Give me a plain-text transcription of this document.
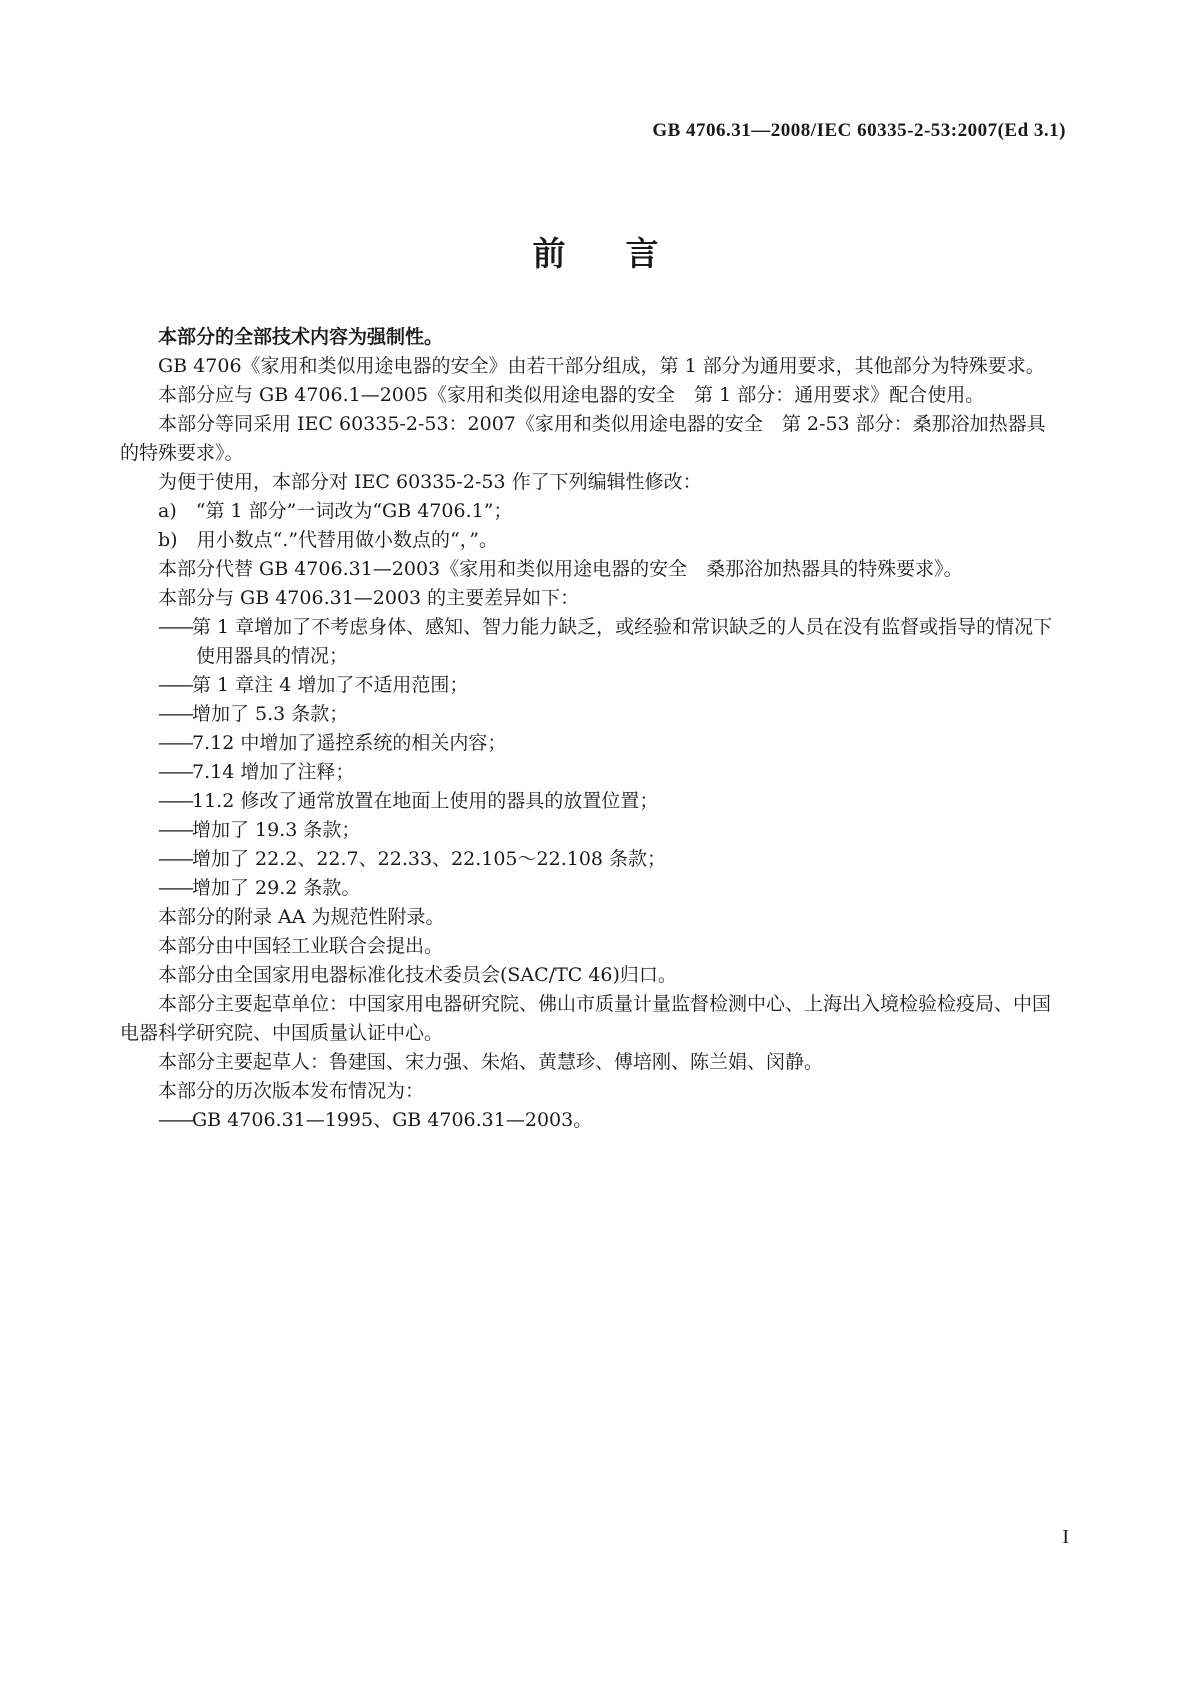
GB 4706.31—2008/IEC 60335-2-53:2007(Ed 3.1)
前言

本部分的全部技术内容为强制性。

GB 4706《家用和类似用途电器的安全》由若干部分组成，第 1 部分为通用要求，其他部分为特殊要求。

本部分应与 GB 4706.1—2005《家用和类似用途电器的安全　第 1 部分：通用要求》配合使用。

本部分等同采用 IEC 60335-2-53：2007《家用和类似用途电器的安全　第 2-53 部分：桑那浴加热器具的特殊要求》。

为便于使用，本部分对 IEC 60335-2-53 作了下列编辑性修改：

a)　“第 1 部分”一词改为“GB 4706.1”；

b)　用小数点“.”代替用做小数点的“，”。

本部分代替 GB 4706.31—2003《家用和类似用途电器的安全　桑那浴加热器具的特殊要求》。

本部分与 GB 4706.31—2003 的主要差异如下：

——第 1 章增加了不考虑身体、感知、智力能力缺乏，或经验和常识缺乏的人员在没有监督或指导的情况下使用器具的情况；

——第 1 章注 4 增加了不适用范围；

——增加了 5.3 条款；

——7.12 中增加了遥控系统的相关内容；

——7.14 增加了注释；

——11.2 修改了通常放置在地面上使用的器具的放置位置；

——增加了 19.3 条款；

——增加了 22.2、22.7、22.33、22.105～22.108 条款；

——增加了 29.2 条款。

本部分的附录 AA 为规范性附录。

本部分由中国轻工业联合会提出。

本部分由全国家用电器标准化技术委员会(SAC/TC 46)归口。

本部分主要起草单位：中国家用电器研究院、佛山市质量计量监督检测中心、上海出入境检验检疫局、中国电器科学研究院、中国质量认证中心。

本部分主要起草人：鲁建国、宋力强、朱焰、黄慧珍、傅培刚、陈兰娟、闵静。

本部分的历次版本发布情况为：

——GB 4706.31—1995、GB 4706.31—2003。

I
